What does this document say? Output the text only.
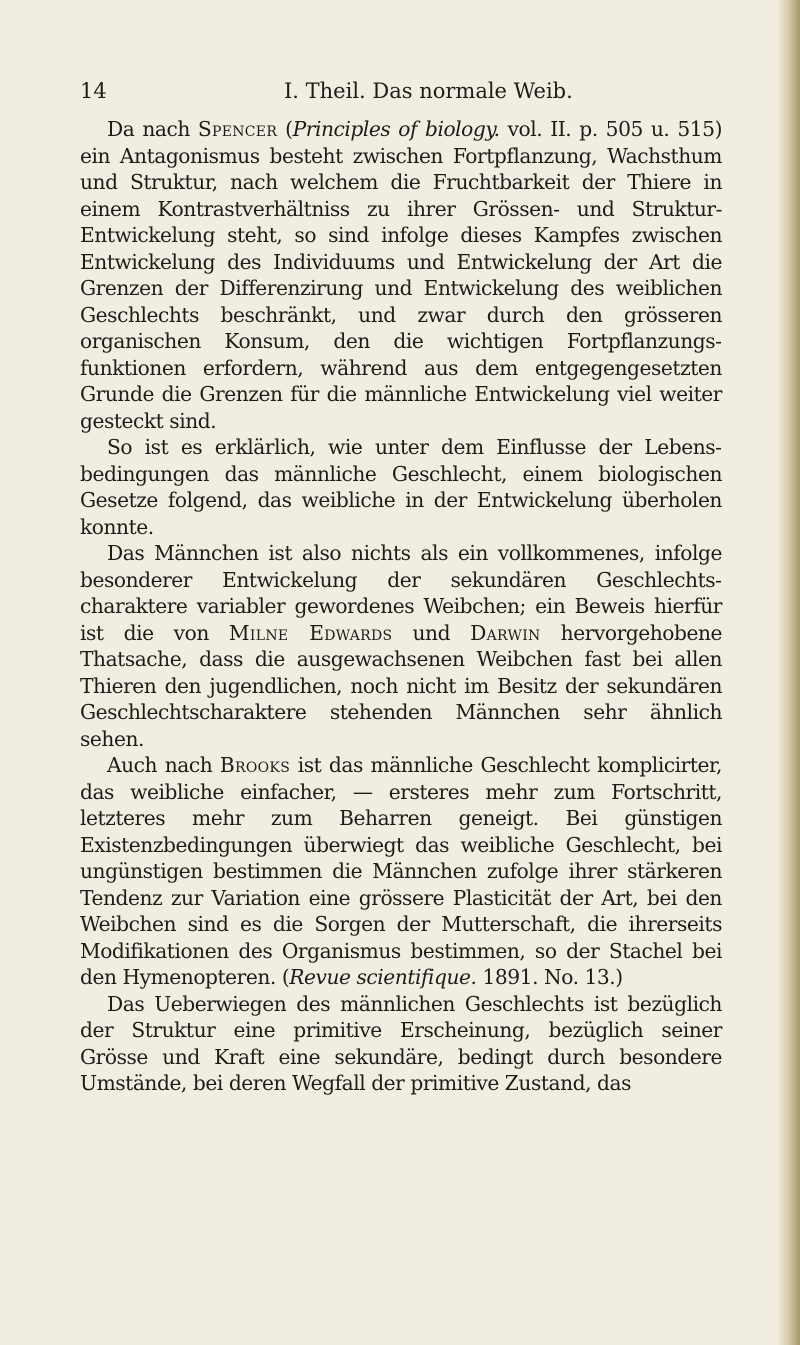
14	I. Theil. Das normale Weib.

Da nach Spencer (Principles of biology. vol. II. p. 505 u. 515) ein Antagonismus besteht zwischen Fortpflanzung, Wachsthum und Struktur, nach welchem die Fruchtbarkeit der Thiere in einem Kontrastverhältniss zu ihrer Grössen- und Struktur-Entwickelung steht, so sind infolge dieses Kampfes zwischen Entwickelung des Individuums und Entwickelung der Art die Grenzen der Differenzirung und Entwickelung des weiblichen Geschlechts beschränkt, und zwar durch den grösseren organischen Konsum, den die wichtigen Fortpflanzungsfunktionen erfordern, während aus dem entgegengesetzten Grunde die Grenzen für die männliche Entwickelung viel weiter gesteckt sind.

So ist es erklärlich, wie unter dem Einflusse der Lebensbedingungen das männliche Geschlecht, einem biologischen Gesetze folgend, das weibliche in der Entwickelung überholen konnte.

Das Männchen ist also nichts als ein vollkommenes, infolge besonderer Entwickelung der sekundären Geschlechtscharaktere variabler gewordenes Weibchen; ein Beweis hierfür ist die von Milne Edwards und Darwin hervorgehobene Thatsache, dass die ausgewachsenen Weibchen fast bei allen Thieren den jugendlichen, noch nicht im Besitz der sekundären Geschlechtscharaktere stehenden Männchen sehr ähnlich sehen.

Auch nach Brooks ist das männliche Geschlecht komplicirter, das weibliche einfacher, — ersteres mehr zum Fortschritt, letzteres mehr zum Beharren geneigt. Bei günstigen Existenzbedingungen überwiegt das weibliche Geschlecht, bei ungünstigen bestimmen die Männchen zufolge ihrer stärkeren Tendenz zur Variation eine grössere Plasticität der Art, bei den Weibchen sind es die Sorgen der Mutterschaft, die ihrerseits Modifikationen des Organismus bestimmen, so der Stachel bei den Hymenopteren. (Revue scientifique. 1891. No. 13.)

Das Ueberwiegen des männlichen Geschlechts ist bezüglich der Struktur eine primitive Erscheinung, bezüglich seiner Grösse und Kraft eine sekundäre, bedingt durch besondere Umstände, bei deren Wegfall der primitive Zustand, das
